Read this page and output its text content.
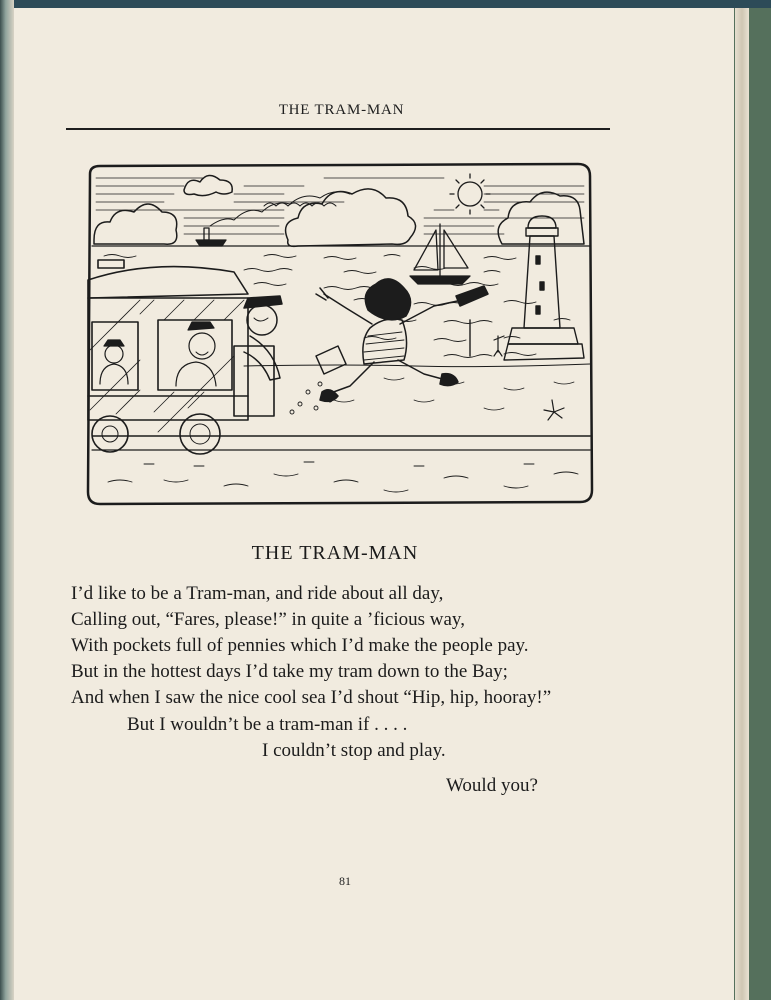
THE TRAM-MAN
THE TRAM-MAN
I’d like to be a Tram-man, and ride about all day,
Calling out, “Fares, please!” in quite a ’ficious way,
With pockets full of pennies which I’d make the people pay.
But in the hottest days I’d take my tram down to the Bay;
And when I saw the nice cool sea I’d shout “Hip, hip, hooray!”
But I wouldn’t be a tram-man if . . . .
I couldn’t stop and play.
Would you?
81
